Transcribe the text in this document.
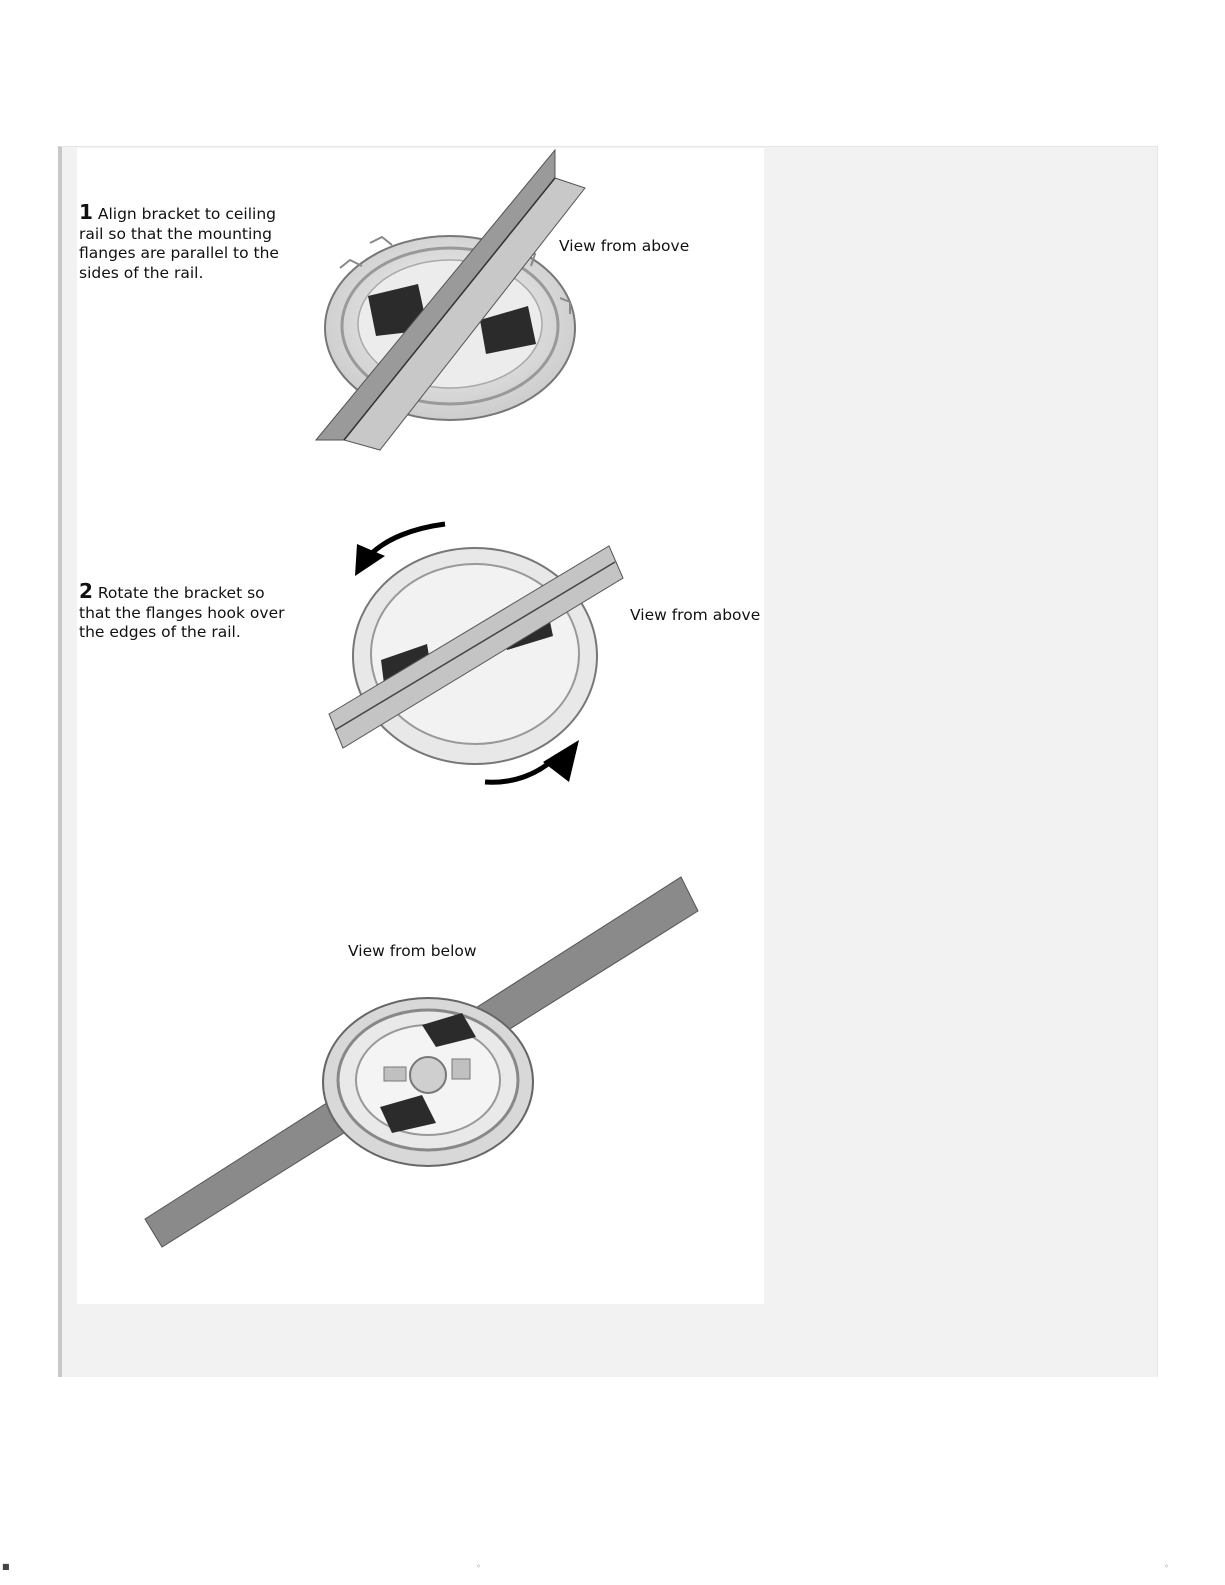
1 Align bracket to ceiling rail so that the mounting flanges are parallel to the sides of the rail.
2 Rotate the bracket so that the flanges hook over the edges of the rail.
View from above
View from above
View from below
■	◦	◦
